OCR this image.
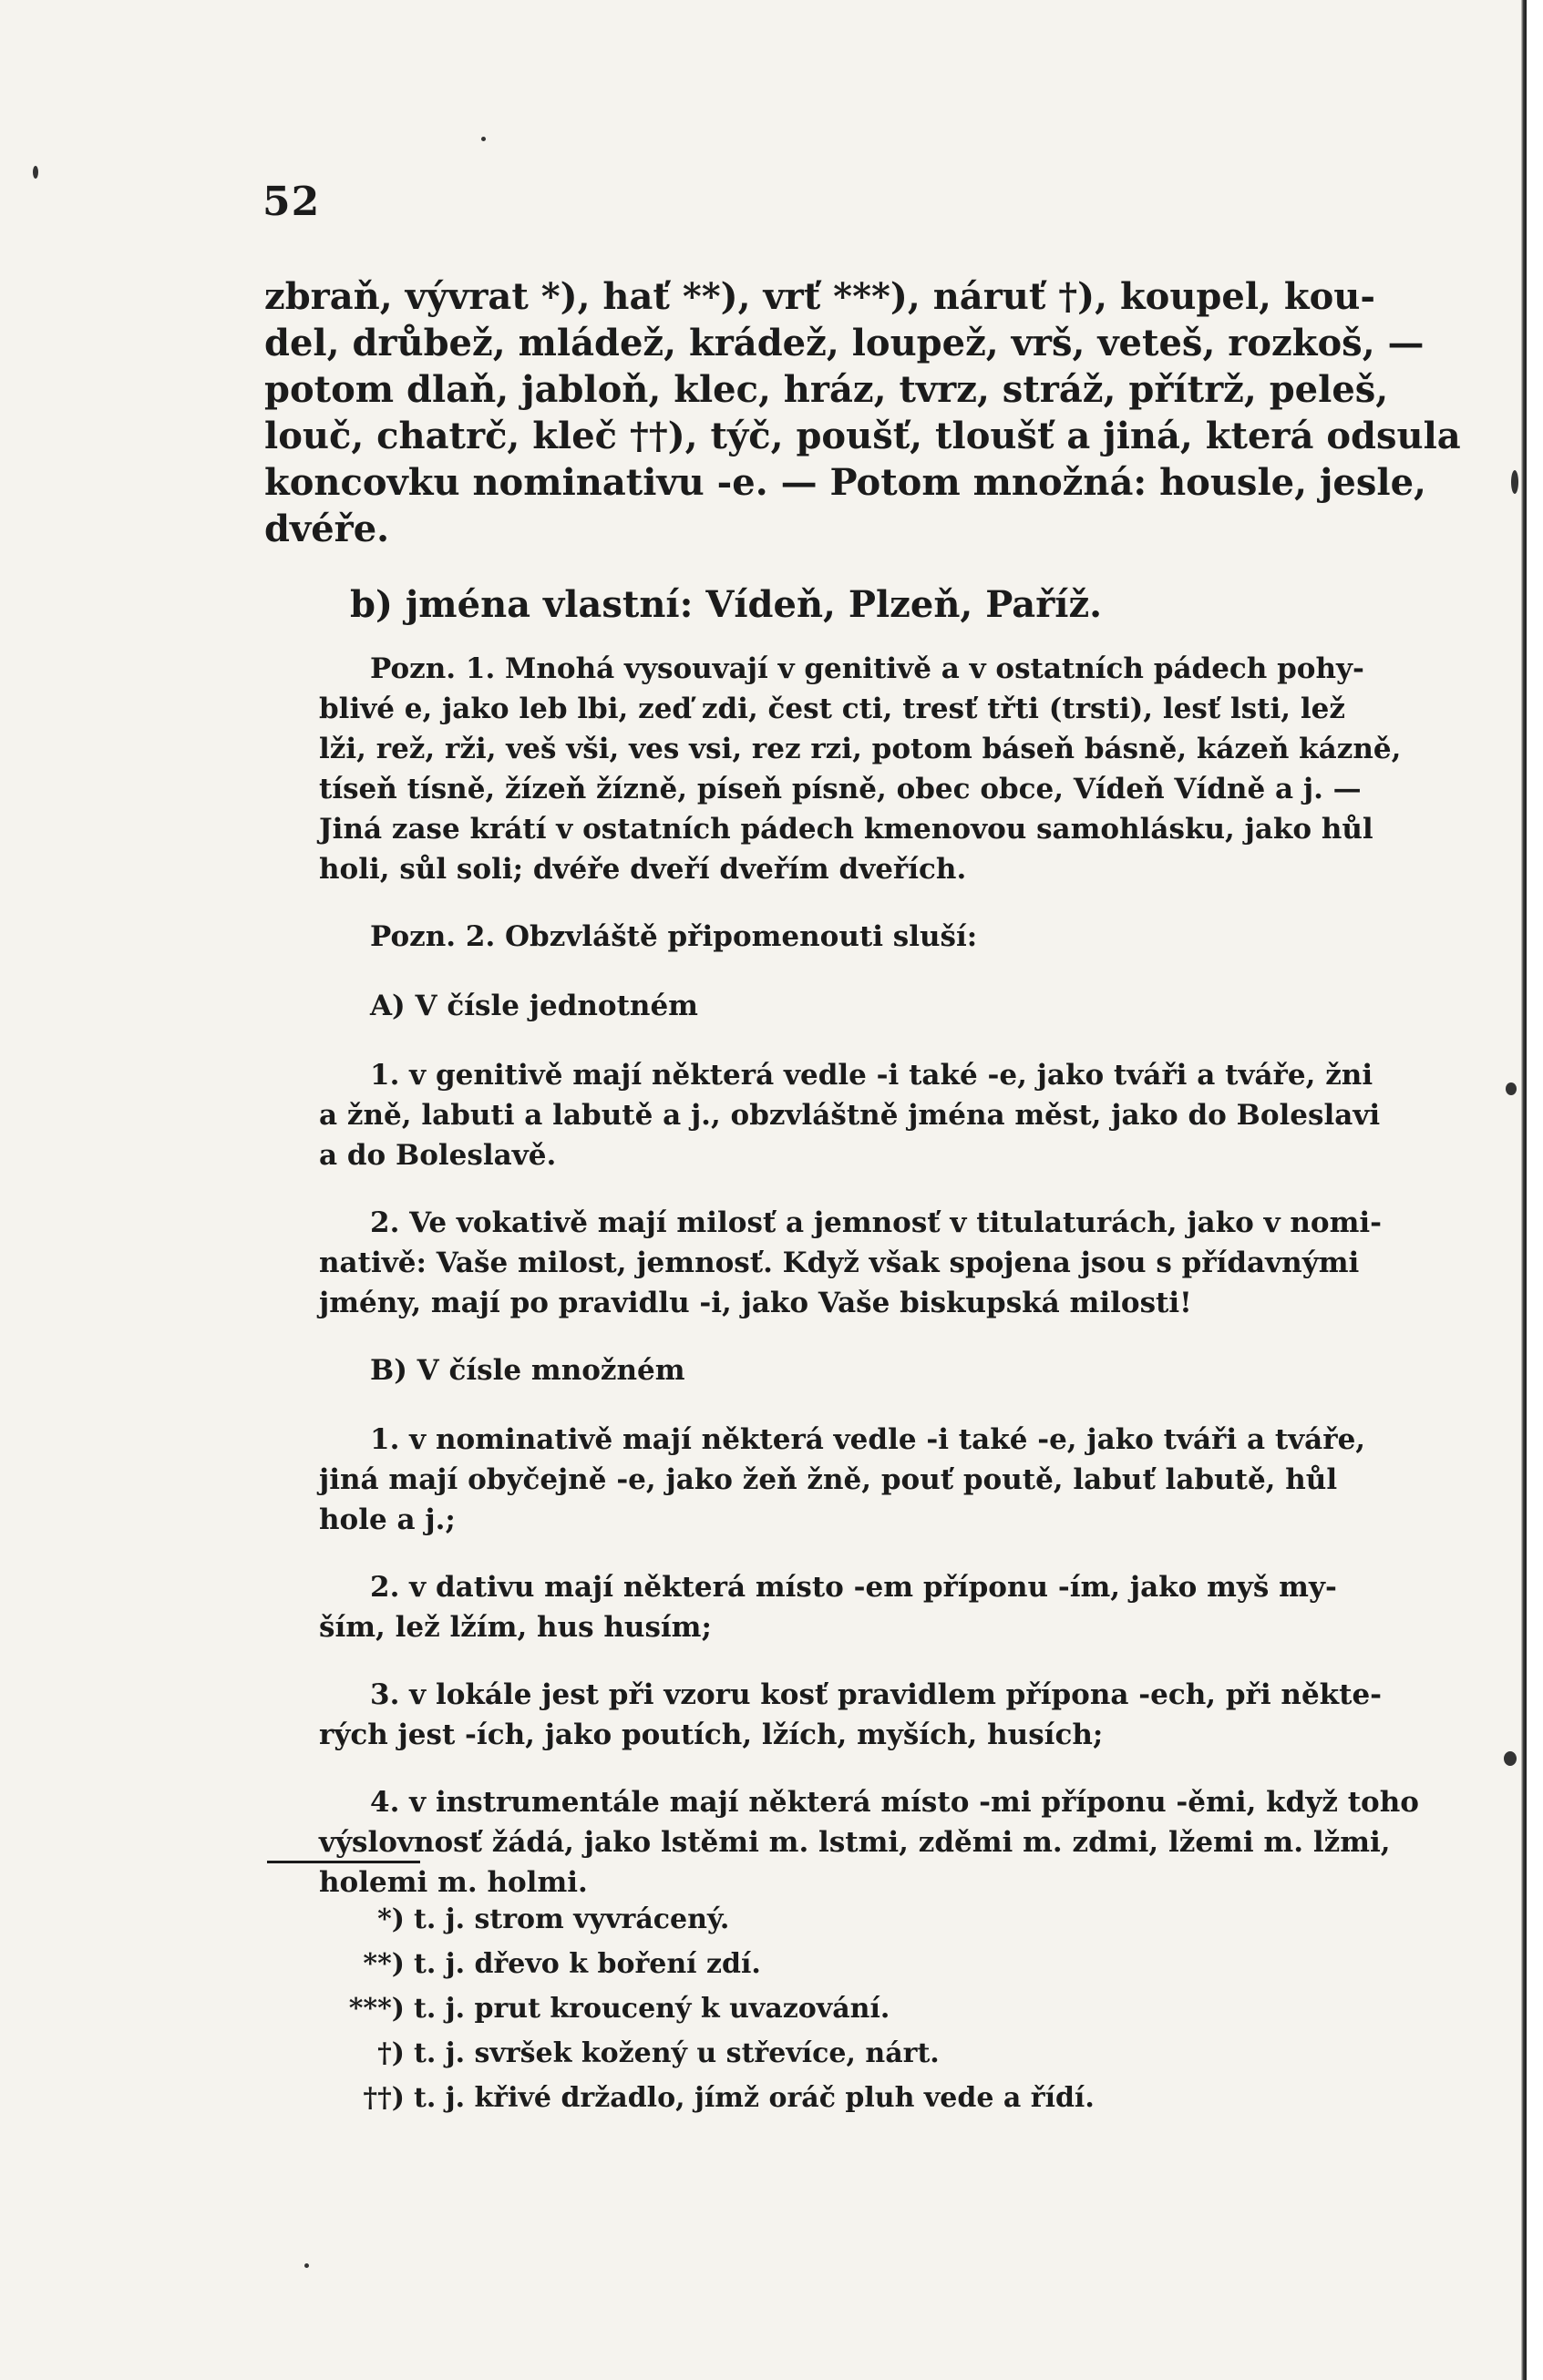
52
zbraň, vývrat *), hať **), vrť ***), náruť †), koupel, kou-
del, drůbež, mládež, krádež, loupež, vrš, veteš, rozkoš, —
potom dlaň, jabloň, klec, hráz, tvrz, stráž, přítrž, peleš,
louč, chatrč, kleč ††), týč, poušť, tloušť a jiná, která odsula
koncovku nominativu -e. — Potom množná: housle, jesle,
dvéře.
b) jména vlastní: Vídeň, Plzeň, Paříž.
Pozn. 1. Mnohá vysouvají v genitivě a v ostatních pádech pohy-
blivé e, jako leb lbi, zeď zdi, čest cti, tresť třti (trsti), lesť lsti, lež
lži, rež, rži, veš vši, ves vsi, rez rzi, potom báseň básně, kázeň kázně,
tíseň tísně, žízeň žízně, píseň písně, obec obce, Vídeň Vídně a j. —
Jiná zase krátí v ostatních pádech kmenovou samohlásku, jako hůl
holi, sůl soli; dvéře dveří dveřím dveřích.
Pozn. 2. Obzvláště připomenouti sluší:
A) V čísle jednotném
1. v genitivě mají některá vedle -i také -e, jako tváři a tváře, žni
a žně, labuti a labutě a j., obzvláštně jména měst, jako do Boleslavi
a do Boleslavě.
2. Ve vokativě mají milosť a jemnosť v titulaturách, jako v nomi-
nativě: Vaše milost, jemnosť. Když však spojena jsou s přídavnými
jmény, mají po pravidlu -i, jako Vaše biskupská milosti!
B) V čísle množném
1. v nominativě mají některá vedle -i také -e, jako tváři a tváře,
jiná mají obyčejně -e, jako žeň žně, pouť poutě, labuť labutě, hůl
hole a j.;
2. v dativu mají některá místo -em příponu -ím, jako myš my-
ším, lež lžím, hus husím;
3. v lokále jest při vzoru kosť pravidlem přípona -ech, při někte-
rých jest -ích, jako poutích, lžích, myších, husích;
4. v instrumentále mají některá místo -mi příponu -ěmi, když toho
výslovnosť žádá, jako lstěmi m. lstmi, zděmi m. zdmi, lžemi m. lžmi,
holemi m. holmi.
*) t. j. strom vyvrácený.
**) t. j. dřevo k boření zdí.
***) t. j. prut kroucený k uvazování.
†) t. j. svršek kožený u střevíce, nárt.
††) t. j. křivé držadlo, jímž oráč pluh vede a řídí.
